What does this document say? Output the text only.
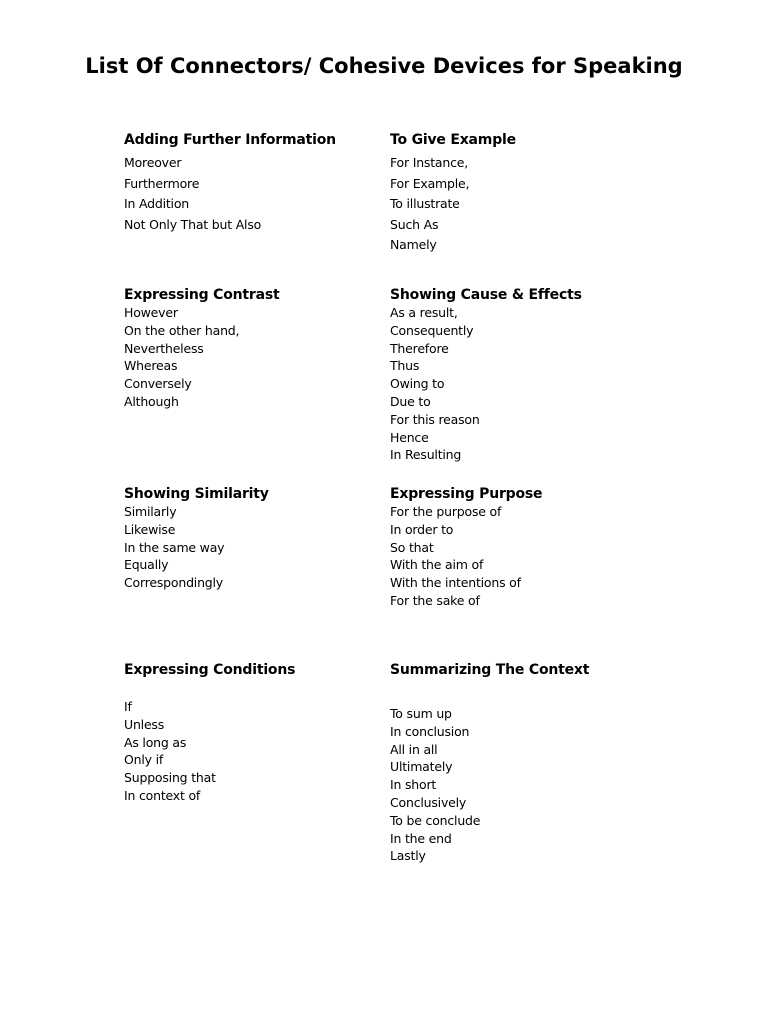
List Of Connectors/ Cohesive Devices for Speaking
Adding Further Information
Moreover
Furthermore
In Addition
Not Only That but Also
To Give Example
For Instance,
For Example,
To illustrate
Such As
Namely
Expressing Contrast
However
On the other hand,
Nevertheless
Whereas
Conversely
Although
Showing Cause & Effects
As a result,
Consequently
Therefore
Thus
Owing to
Due to
For this reason
Hence
In Resulting
Showing Similarity
Similarly
Likewise
In the same way
Equally
Correspondingly
Expressing Purpose
For the purpose of
In order to
So that
With the aim of
With the intentions of
For the sake of
Expressing Conditions
If
Unless
As long as
Only if
Supposing that
In context of
Summarizing The Context
To sum up
In conclusion
All in all
Ultimately
In short
Conclusively
To be conclude
In the end
Lastly
